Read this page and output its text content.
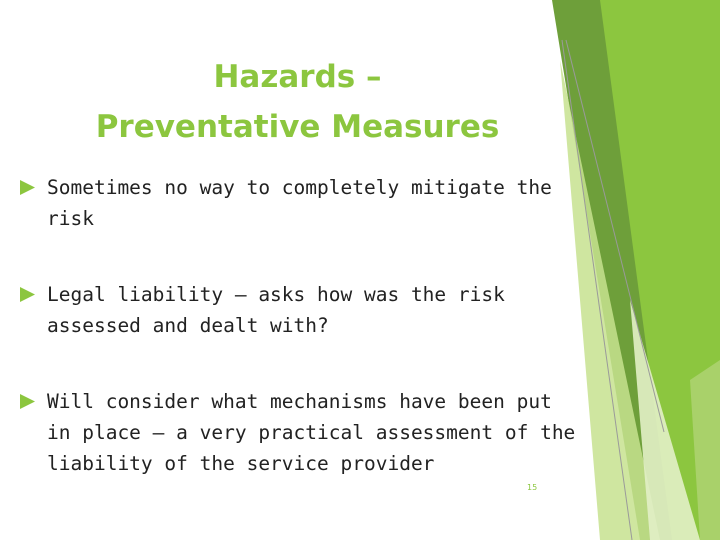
Hazards –
Preventative Measures
Sometimes no way to completely mitigate the risk
Legal liability – asks how was the risk assessed and dealt with?
Will consider what mechanisms have been put in place – a very practical assessment of the liability of the service provider
15
